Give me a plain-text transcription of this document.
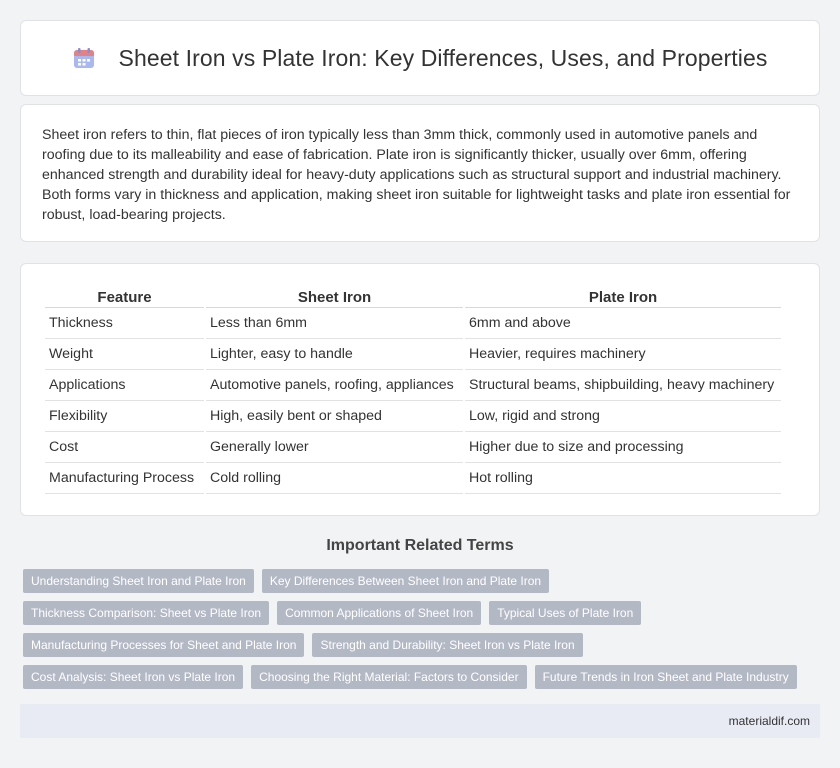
Sheet Iron vs Plate Iron: Key Differences, Uses, and Properties

Sheet iron refers to thin, flat pieces of iron typically less than 3mm thick, commonly used in automotive panels and roofing due to its malleability and ease of fabrication. Plate iron is significantly thicker, usually over 6mm, offering enhanced strength and durability ideal for heavy-duty applications such as structural support and industrial machinery. Both forms vary in thickness and application, making sheet iron suitable for lightweight tasks and plate iron essential for robust, load-bearing projects.

Feature	Sheet Iron	Plate Iron
Thickness	Less than 6mm	6mm and above
Weight	Lighter, easy to handle	Heavier, requires machinery
Applications	Automotive panels, roofing, appliances	Structural beams, shipbuilding, heavy machinery
Flexibility	High, easily bent or shaped	Low, rigid and strong
Cost	Generally lower	Higher due to size and processing
Manufacturing Process	Cold rolling	Hot rolling
Important Related Terms
Understanding Sheet Iron and Plate Iron	Key Differences Between Sheet Iron and Plate Iron
Thickness Comparison: Sheet vs Plate Iron	Common Applications of Sheet Iron	Typical Uses of Plate Iron
Manufacturing Processes for Sheet and Plate Iron	Strength and Durability: Sheet Iron vs Plate Iron
Cost Analysis: Sheet Iron vs Plate Iron	Choosing the Right Material: Factors to Consider	Future Trends in Iron Sheet and Plate Industry
materialdif.com
